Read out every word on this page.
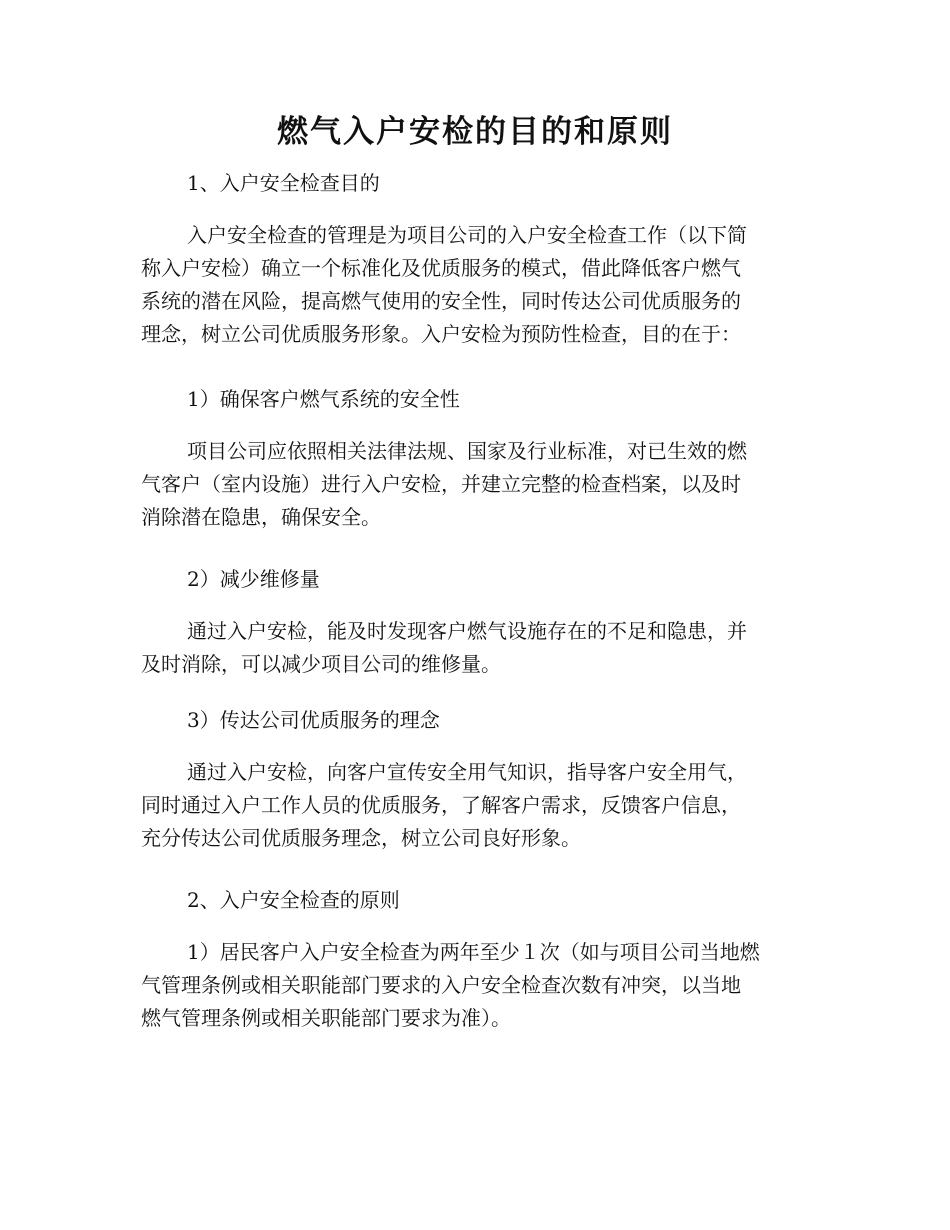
燃气入户安检的目的和原则

1、入户安全检查目的

入户安全检查的管理是为项目公司的入户安全检查工作（以下简
称入户安检）确立一个标准化及优质服务的模式，借此降低客户燃气
系统的潜在风险，提高燃气使用的安全性，同时传达公司优质服务的
理念，树立公司优质服务形象。入户安检为预防性检查，目的在于：

1）确保客户燃气系统的安全性

项目公司应依照相关法律法规、国家及行业标准，对已生效的燃
气客户（室内设施）进行入户安检，并建立完整的检查档案，以及时
消除潜在隐患，确保安全。

2）减少维修量

通过入户安检，能及时发现客户燃气设施存在的不足和隐患，并
及时消除，可以减少项目公司的维修量。

3）传达公司优质服务的理念

通过入户安检，向客户宣传安全用气知识，指导客户安全用气，
同时通过入户工作人员的优质服务，了解客户需求，反馈客户信息，
充分传达公司优质服务理念，树立公司良好形象。

2、入户安全检查的原则

1）居民客户入户安全检查为两年至少１次（如与项目公司当地燃
气管理条例或相关职能部门要求的入户安全检查次数有冲突，以当地
燃气管理条例或相关职能部门要求为准）。
